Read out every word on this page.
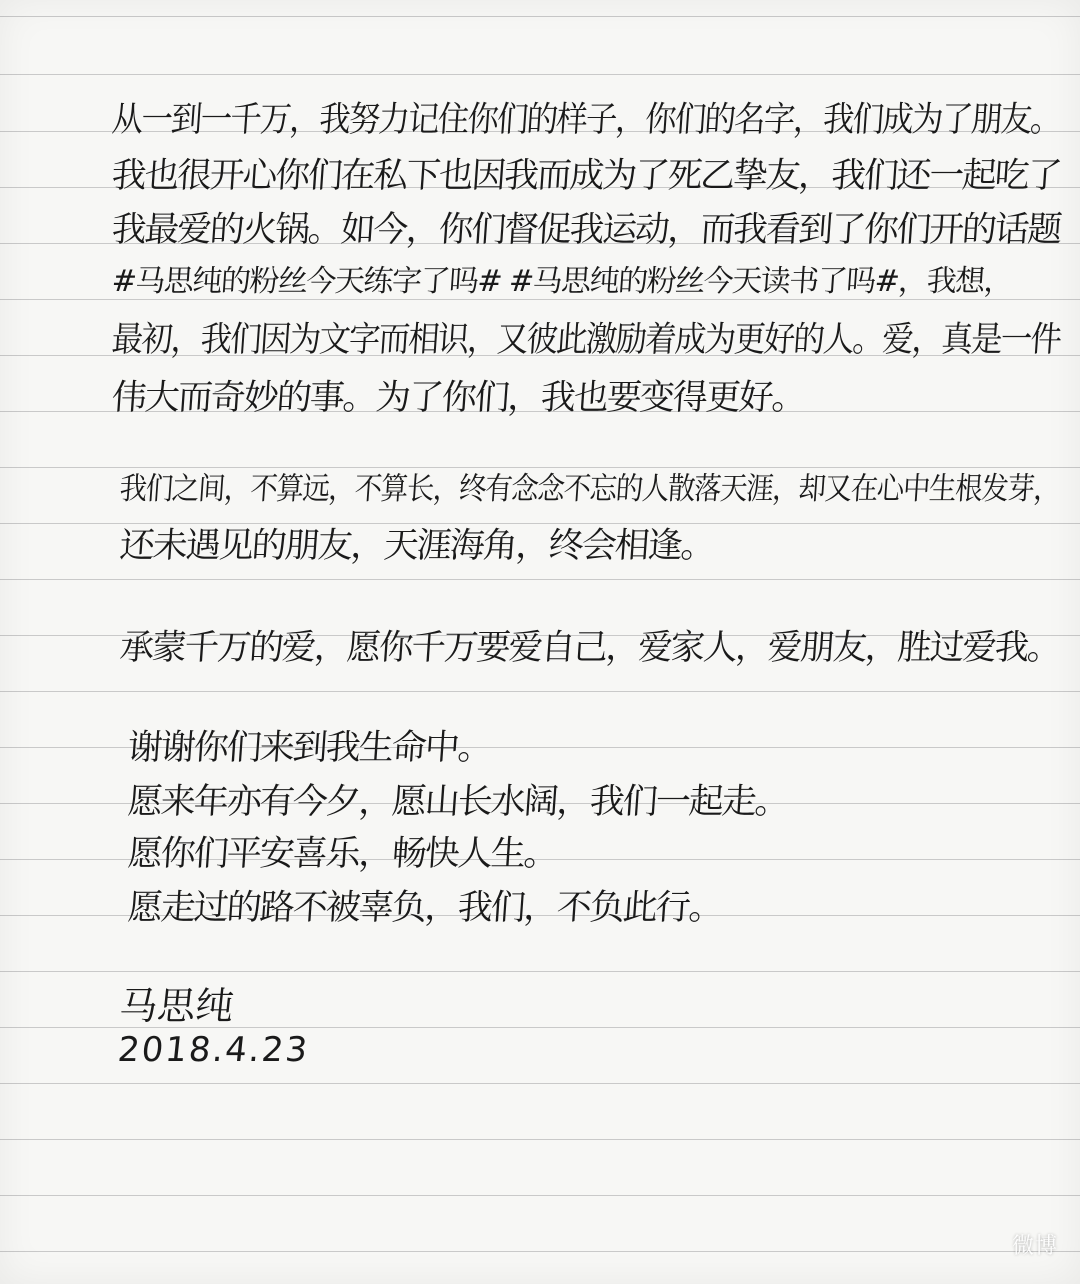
从一到一千万，我努力记住你们的样子，你们的名字，我们成为了朋友。
我也很开心你们在私下也因我而成为了死乙挚友，我们还一起吃了
我最爱的火锅。如今，你们督促我运动，而我看到了你们开的话题
#马思纯的粉丝今天练字了吗# #马思纯的粉丝今天读书了吗#，我想，
最初，我们因为文字而相识，又彼此激励着成为更好的人。爱，真是一件
伟大而奇妙的事。为了你们，我也要变得更好。
我们之间，不算远，不算长，终有念念不忘的人散落天涯，却又在心中生根发芽，
还未遇见的朋友，天涯海角，终会相逢。
承蒙千万的爱，愿你千万要爱自己，爱家人，爱朋友，胜过爱我。
谢谢你们来到我生命中。
愿来年亦有今夕，愿山长水阔，我们一起走。
愿你们平安喜乐，畅快人生。
愿走过的路不被辜负，我们，不负此行。
马思纯
2018.4.23
微博
